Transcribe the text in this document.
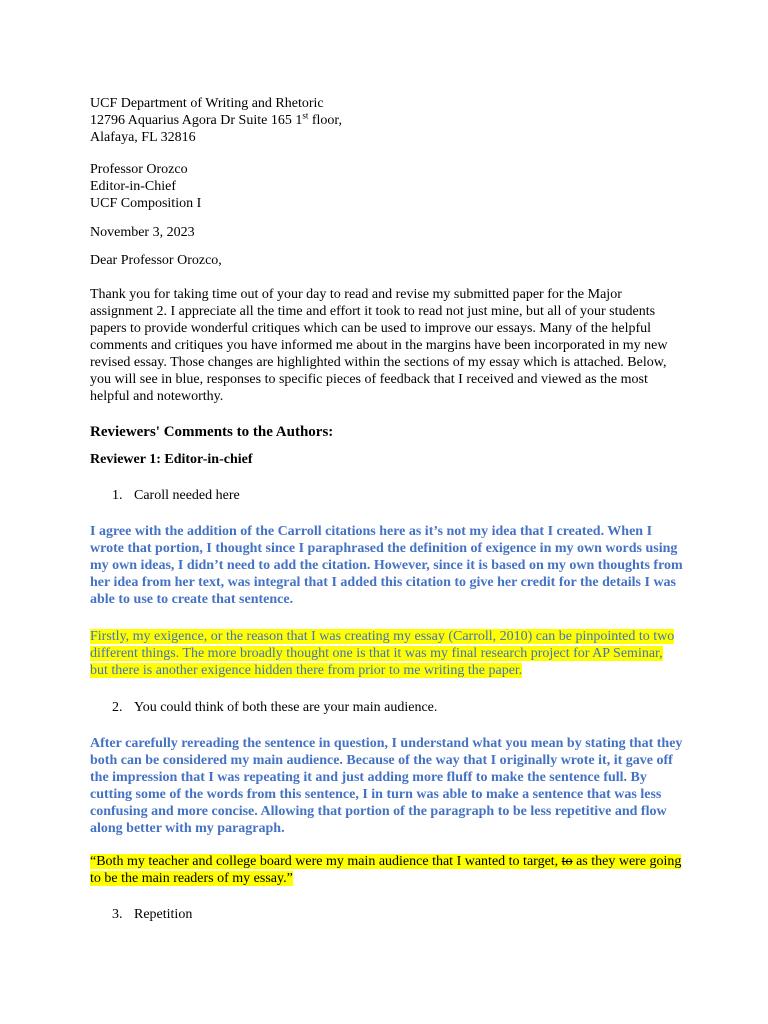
UCF Department of Writing and Rhetoric
12796 Aquarius Agora Dr Suite 165 1st floor,
Alafaya, FL 32816
Professor Orozco
Editor-in-Chief
UCF Composition I
November 3, 2023
Dear Professor Orozco,
Thank you for taking time out of your day to read and revise my submitted paper for the Major
assignment 2. I appreciate all the time and effort it took to read not just mine, but all of your students
papers to provide wonderful critiques which can be used to improve our essays. Many of the helpful
comments and critiques you have informed me about in the margins have been incorporated in my new
revised essay. Those changes are highlighted within the sections of my essay which is attached. Below,
you will see in blue, responses to specific pieces of feedback that I received and viewed as the most
helpful and noteworthy.
Reviewers' Comments to the Authors:
Reviewer 1: Editor-in-chief
1. Caroll needed here
I agree with the addition of the Carroll citations here as it’s not my idea that I created. When I
wrote that portion, I thought since I paraphrased the definition of exigence in my own words using
my own ideas, I didn’t need to add the citation. However, since it is based on my own thoughts from
her idea from her text, was integral that I added this citation to give her credit for the details I was
able to use to create that sentence.
Firstly, my exigence, or the reason that I was creating my essay (Carroll, 2010) can be pinpointed to two
different things. The more broadly thought one is that it was my final research project for AP Seminar,
but there is another exigence hidden there from prior to me writing the paper.
2. You could think of both these are your main audience.
After carefully rereading the sentence in question, I understand what you mean by stating that they
both can be considered my main audience. Because of the way that I originally wrote it, it gave off
the impression that I was repeating it and just adding more fluff to make the sentence full. By
cutting some of the words from this sentence, I in turn was able to make a sentence that was less
confusing and more concise. Allowing that portion of the paragraph to be less repetitive and flow
along better with my paragraph.
“Both my teacher and college board were my main audience that I wanted to target, to as they were going
to be the main readers of my essay.”
3. Repetition
